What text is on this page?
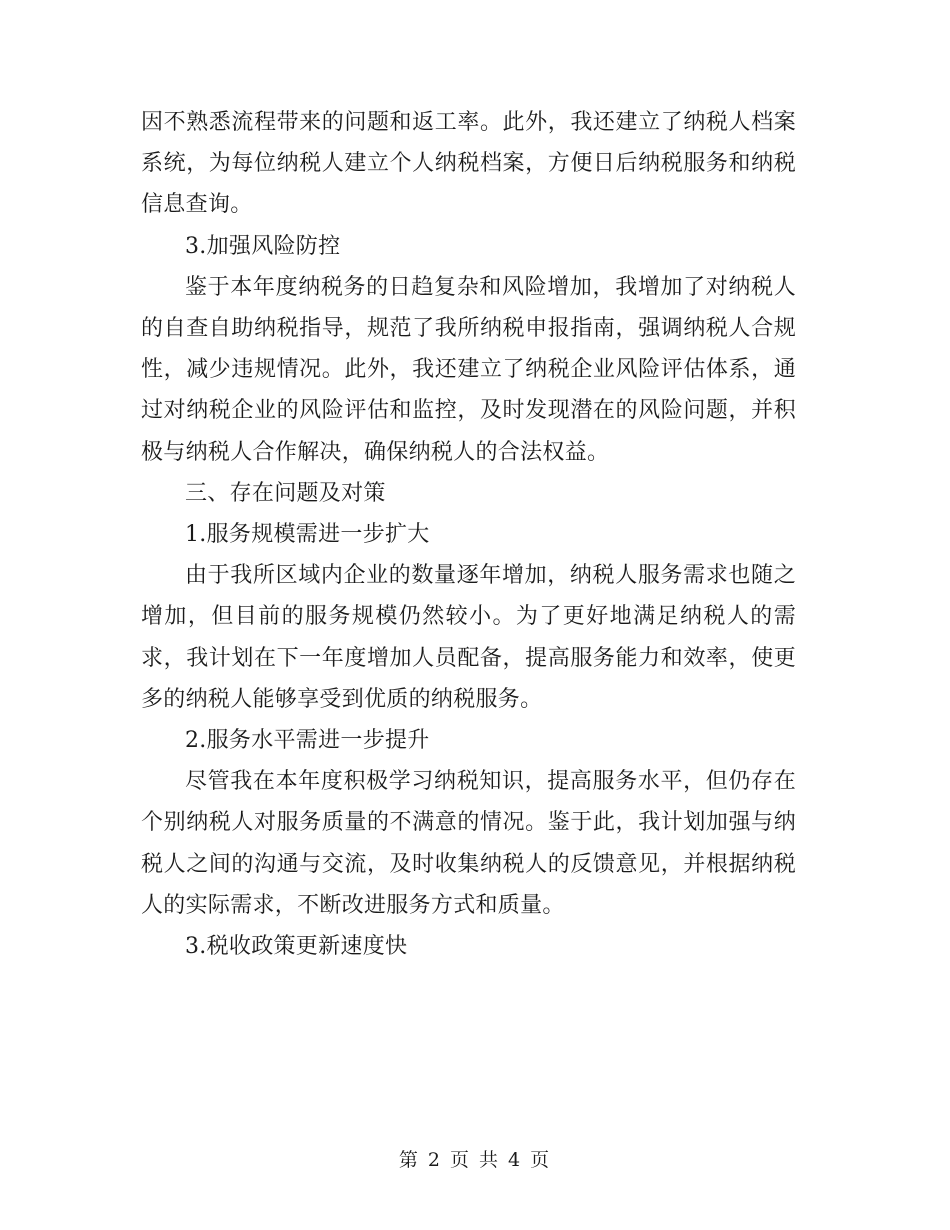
因不熟悉流程带来的问题和返工率。此外，我还建立了纳税人档案系统，为每位纳税人建立个人纳税档案，方便日后纳税服务和纳税信息查询。

3.加强风险防控

鉴于本年度纳税务的日趋复杂和风险增加，我增加了对纳税人的自查自助纳税指导，规范了我所纳税申报指南，强调纳税人合规性，减少违规情况。此外，我还建立了纳税企业风险评估体系，通过对纳税企业的风险评估和监控，及时发现潜在的风险问题，并积极与纳税人合作解决，确保纳税人的合法权益。

三、存在问题及对策

1.服务规模需进一步扩大

由于我所区域内企业的数量逐年增加，纳税人服务需求也随之增加，但目前的服务规模仍然较小。为了更好地满足纳税人的需求，我计划在下一年度增加人员配备，提高服务能力和效率，使更多的纳税人能够享受到优质的纳税服务。

2.服务水平需进一步提升

尽管我在本年度积极学习纳税知识，提高服务水平，但仍存在个别纳税人对服务质量的不满意的情况。鉴于此，我计划加强与纳税人之间的沟通与交流，及时收集纳税人的反馈意见，并根据纳税人的实际需求，不断改进服务方式和质量。

3.税收政策更新速度快

第 2 页 共 4 页
